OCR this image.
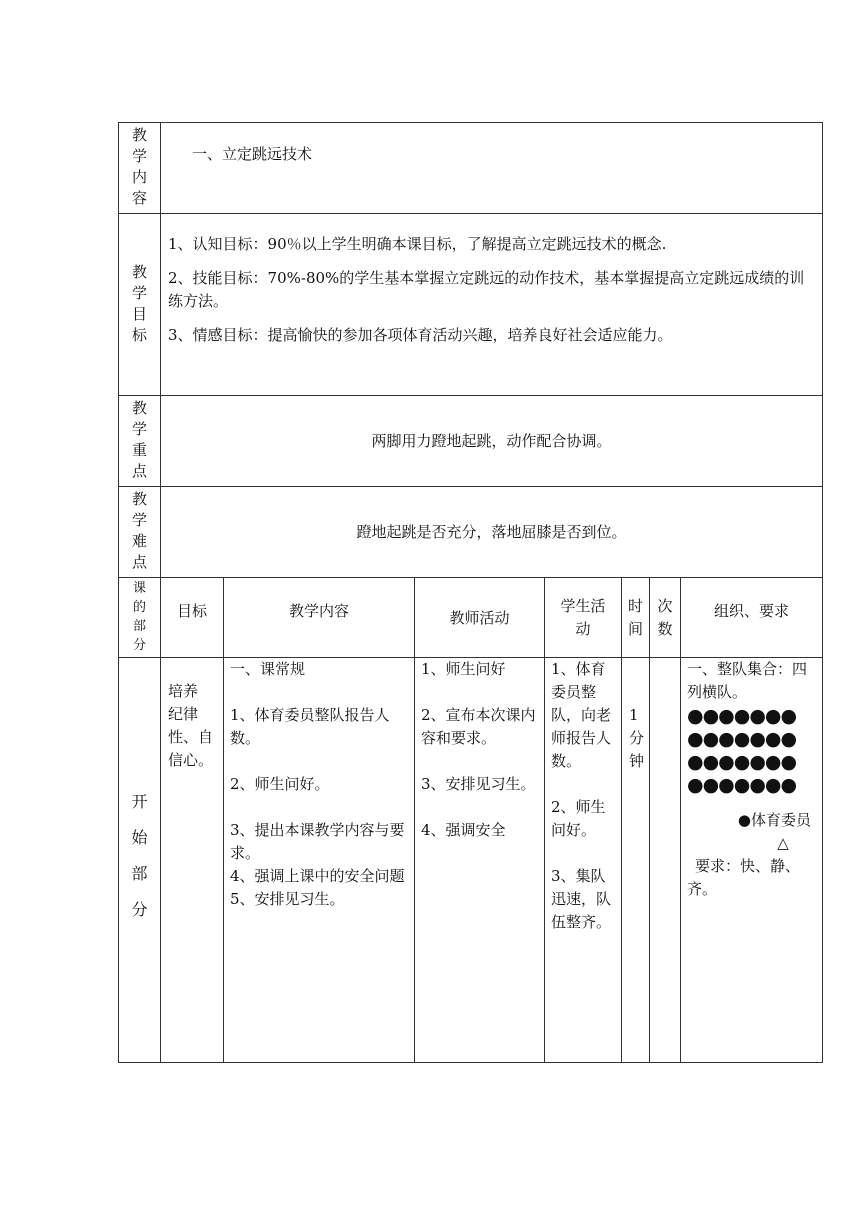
教
学
内
容
一、立定跳远技术
教
学
目
标
1、认知目标：90％以上学生明确本课目标，了解提高立定跳远技术的概念.
2、技能目标：70%-80%的学生基本掌握立定跳远的动作技术，基本掌握提高立定跳远成绩的训练方法。
3、情感目标：提高愉快的参加各项体育活动兴趣，培养良好社会适应能力。
教
学
重
点
两脚用力蹬地起跳，动作配合协调。
教
学
难
点
蹬地起跳是否充分，落地屈膝是否到位。
课
的
部
分
目标	教学内容	教师活动
学生活
动
时
间
次
数
组织、要求
开

始

部

分
培养
纪律
性、自
信心。
一、课常规

1、体育委员整队报告人数。

2、师生问好。

3、提出本课教学内容与要求。
4、强调上课中的安全问题
5、安排见习生。
1、师生问好

2、宣布本次课内容和要求。

3、安排见习生。

4、强调安全
1、体育委员整队，向老师报告人数。

2、师生问好。

3、集队迅速，队伍整齐。
1
分
钟
一、整队集合：四
列横队。
●●●●●●●
●●●●●●●
●●●●●●●
●●●●●●●
●体育委员
△
要求：快、静、齐。
